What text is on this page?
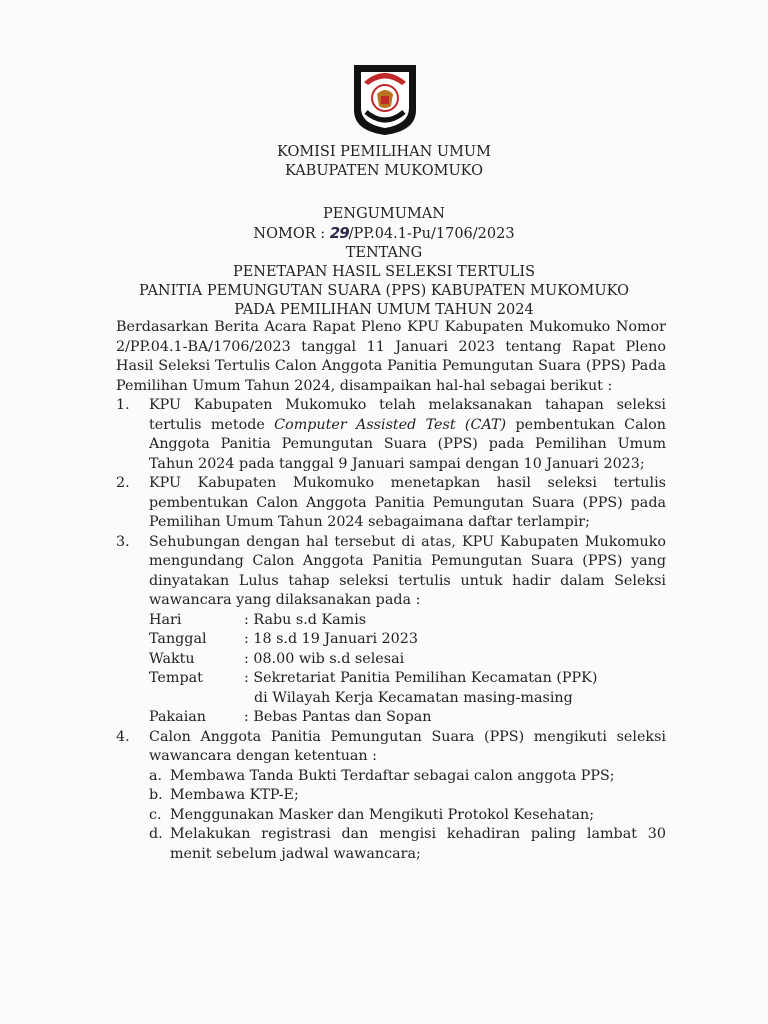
KOMISI PEMILIHAN UMUM
KABUPATEN MUKOMUKO
PENGUMUMAN
NOMOR : 29/PP.04.1-Pu/1706/2023
TENTANG
PENETAPAN HASIL SELEKSI TERTULIS
PANITIA PEMUNGUTAN SUARA (PPS) KABUPATEN MUKOMUKO
PADA PEMILIHAN UMUM TAHUN 2024

Berdasarkan Berita Acara Rapat Pleno KPU Kabupaten Mukomuko Nomor 2/PP.04.1-BA/1706/2023 tanggal 11 Januari 2023 tentang Rapat Pleno Hasil Seleksi Tertulis Calon Anggota Panitia Pemungutan Suara (PPS) Pada Pemilihan Umum Tahun 2024, disampaikan hal-hal sebagai berikut :

1. KPU Kabupaten Mukomuko telah melaksanakan tahapan seleksi tertulis metode Computer Assisted Test (CAT) pembentukan Calon Anggota Panitia Pemungutan Suara (PPS) pada Pemilihan Umum Tahun 2024 pada tanggal 9 Januari sampai dengan 10 Januari 2023;

2. KPU Kabupaten Mukomuko menetapkan hasil seleksi tertulis pembentukan Calon Anggota Panitia Pemungutan Suara (PPS) pada Pemilihan Umum Tahun 2024 sebagaimana daftar terlampir;

3. Sehubungan dengan hal tersebut di atas, KPU Kabupaten Mukomuko mengundang Calon Anggota Panitia Pemungutan Suara (PPS) yang dinyatakan Lulus tahap seleksi tertulis untuk hadir dalam Seleksi wawancara yang dilaksanakan pada :

Hari	: Rabu s.d Kamis
Tanggal	: 18 s.d 19 Januari 2023
Waktu	: 08.00 wib s.d selesai
Tempat	: Sekretariat Panitia Pemilihan Kecamatan (PPK)
di Wilayah Kerja Kecamatan masing-masing
Pakaian	: Bebas Pantas dan Sopan

4. Calon Anggota Panitia Pemungutan Suara (PPS) mengikuti seleksi wawancara dengan ketentuan :

a. Membawa Tanda Bukti Terdaftar sebagai calon anggota PPS;

b. Membawa KTP-E;

c. Menggunakan Masker dan Mengikuti Protokol Kesehatan;

d. Melakukan registrasi dan mengisi kehadiran paling lambat 30 menit sebelum jadwal wawancara;
